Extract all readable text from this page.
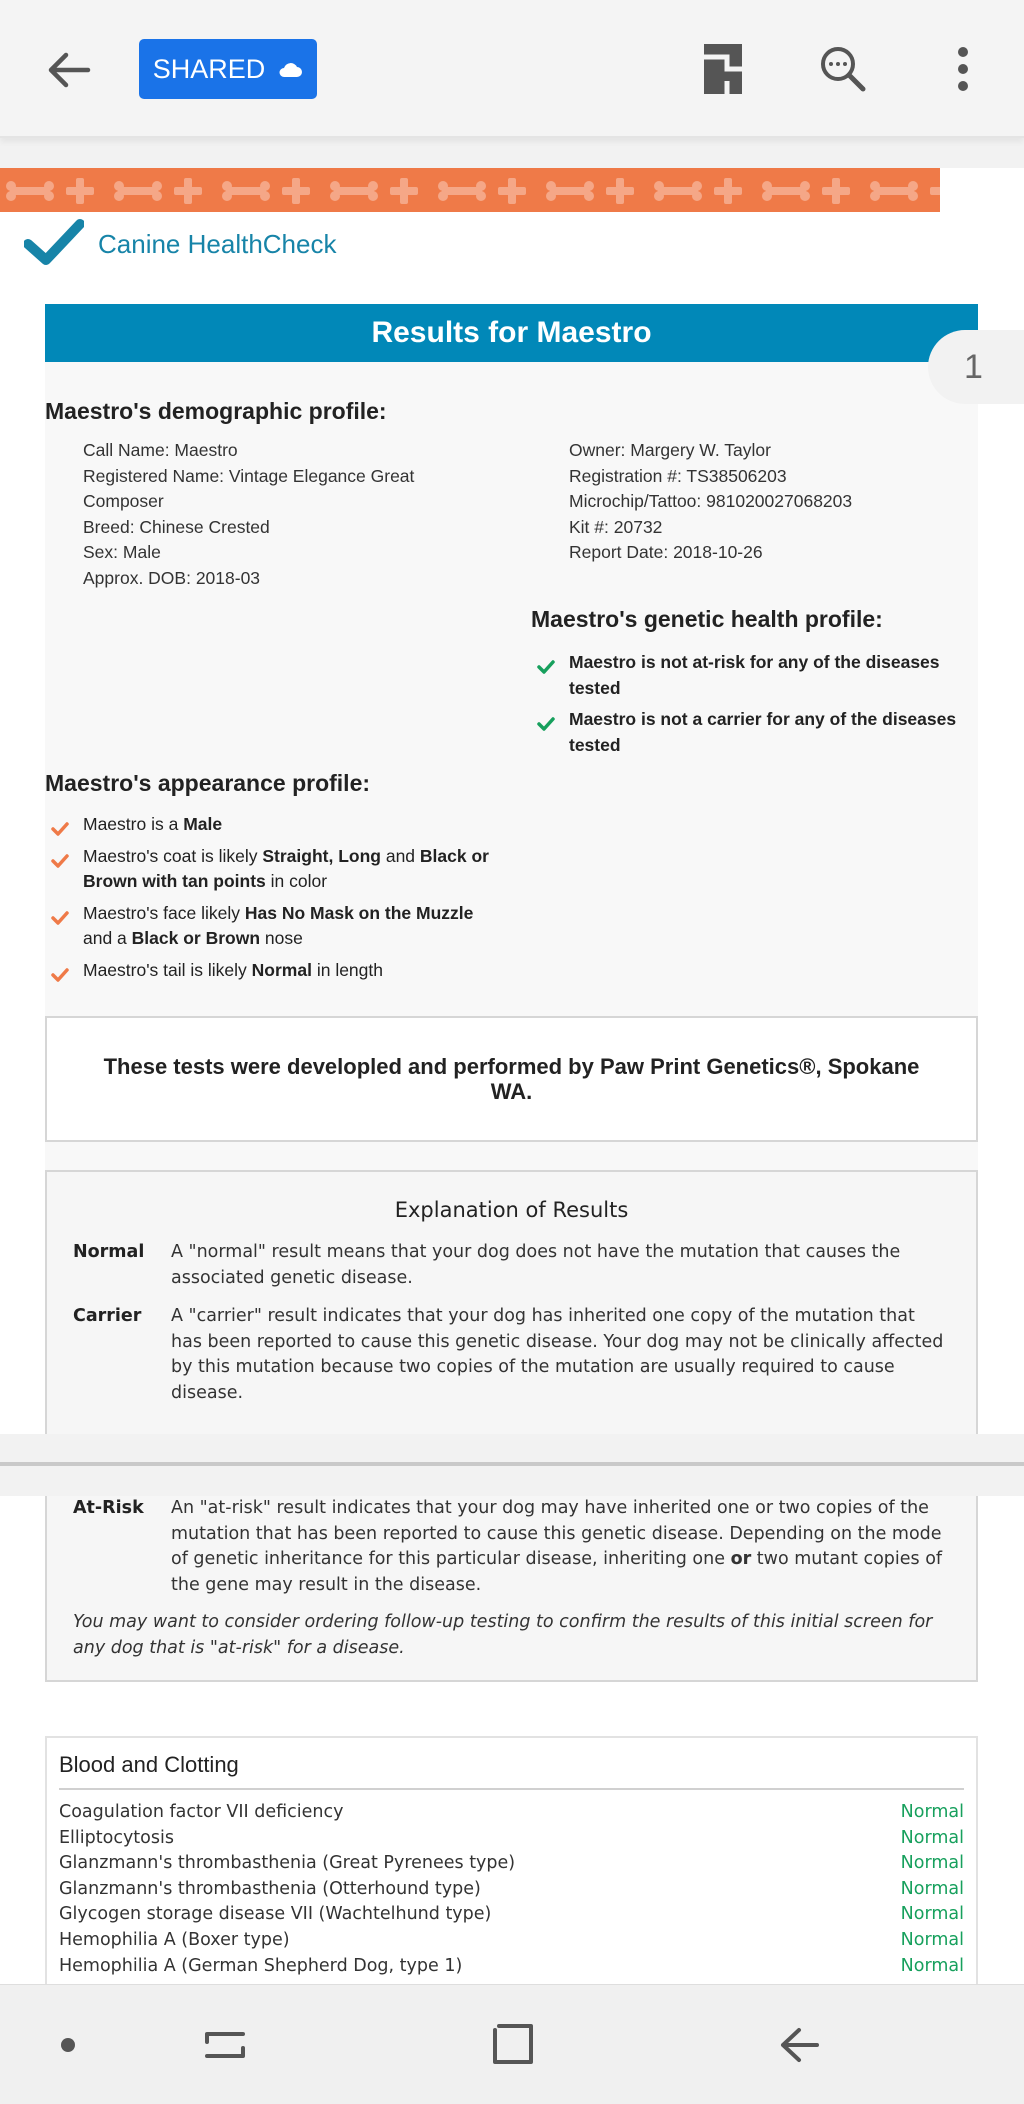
SHARED
Canine HealthCheck
Results for Maestro
Maestro's demographic profile:
Call Name: Maestro
Registered Name: Vintage Elegance Great
Composer
Breed: Chinese Crested
Sex: Male
Approx. DOB: 2018-03
Owner: Margery W. Taylor
Registration #: TS38506203
Microchip/Tattoo: 981020027068203
Kit #: 20732
Report Date: 2018-10-26
Maestro's genetic health profile:
Maestro is not at-risk for any of the diseases tested
Maestro is not a carrier for any of the diseases tested
Maestro's appearance profile:
Maestro is a Male
Maestro's coat is likely Straight, Long and Black or Brown with tan points in color
Maestro's face likely Has No Mask on the Muzzle and a Black or Brown nose
Maestro's tail is likely Normal in length
These tests were developled and performed by Paw Print Genetics®, Spokane WA.
Explanation of Results
Normal A "normal" result means that your dog does not have the mutation that causes the associated genetic disease.
Carrier A "carrier" result indicates that your dog has inherited one copy of the mutation that has been reported to cause this genetic disease. Your dog may not be clinically affected by this mutation because two copies of the mutation are usually required to cause disease.
1
At-Risk An "at-risk" result indicates that your dog may have inherited one or two copies of the mutation that has been reported to cause this genetic disease. Depending on the mode of genetic inheritance for this particular disease, inheriting one or two mutant copies of the gene may result in the disease.
You may want to consider ordering follow-up testing to confirm the results of this initial screen for any dog that is "at-risk" for a disease.
Blood and Clotting
Coagulation factor VII deficiency	Normal
Elliptocytosis	Normal
Glanzmann's thrombasthenia (Great Pyrenees type)	Normal
Glanzmann's thrombasthenia (Otterhound type)	Normal
Glycogen storage disease VII (Wachtelhund type)	Normal
Hemophilia A (Boxer type)	Normal
Hemophilia A (German Shepherd Dog, type 1)	Normal
